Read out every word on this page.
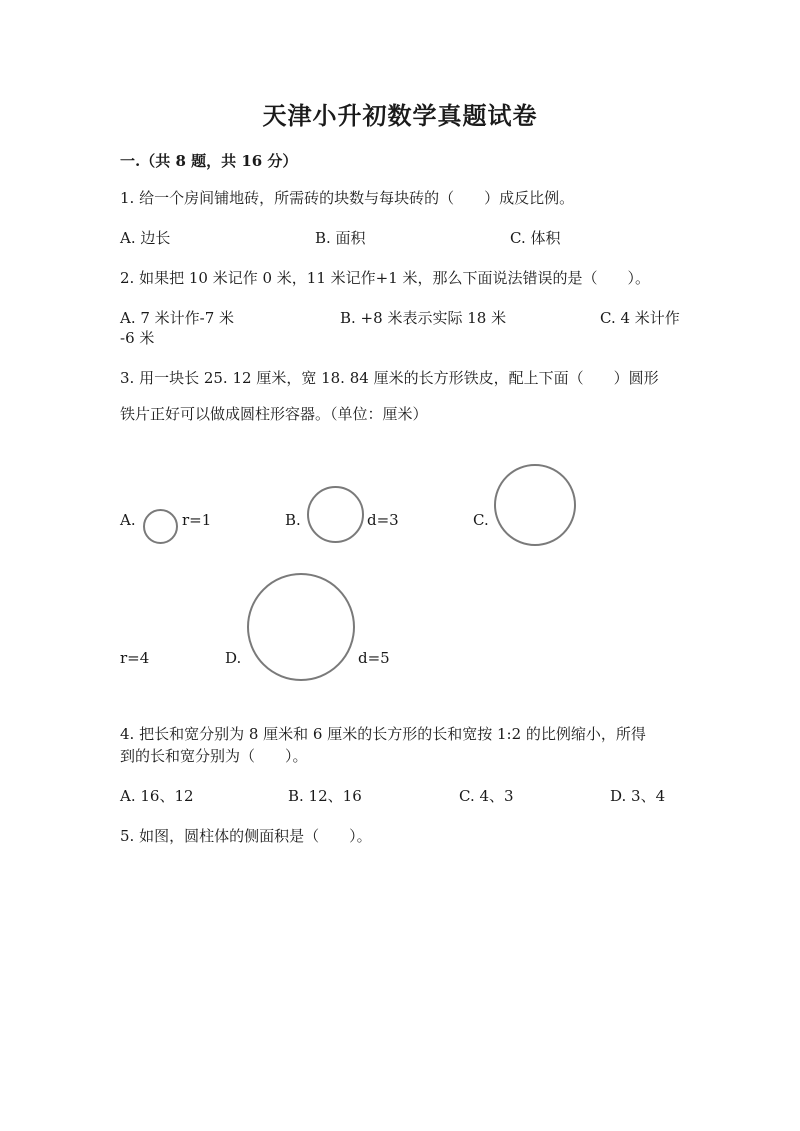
天津小升初数学真题试卷
一.（共 8 题，共 16 分）
1. 给一个房间铺地砖，所需砖的块数与每块砖的（　　）成反比例。
A. 边长	B. 面积	C. 体积
2. 如果把 10 米记作 0 米，11 米记作+1 米，那么下面说法错误的是（　　）。
A. 7 米计作-7 米	B. +8 米表示实际 18 米	C. 4 米计作
-6 米
3. 用一块长 25. 12 厘米，宽 18. 84 厘米的长方形铁皮，配上下面（　　）圆形
铁片正好可以做成圆柱形容器。（单位：厘米）
A.	r=1	B.	d=3	C.
r=4	D.	d=5
4. 把长和宽分别为 8 厘米和 6 厘米的长方形的长和宽按 1:2 的比例缩小，所得
到的长和宽分别为（　　）。
A. 16、12	B. 12、16	C. 4、3	D. 3、4
5. 如图，圆柱体的侧面积是（　　）。
